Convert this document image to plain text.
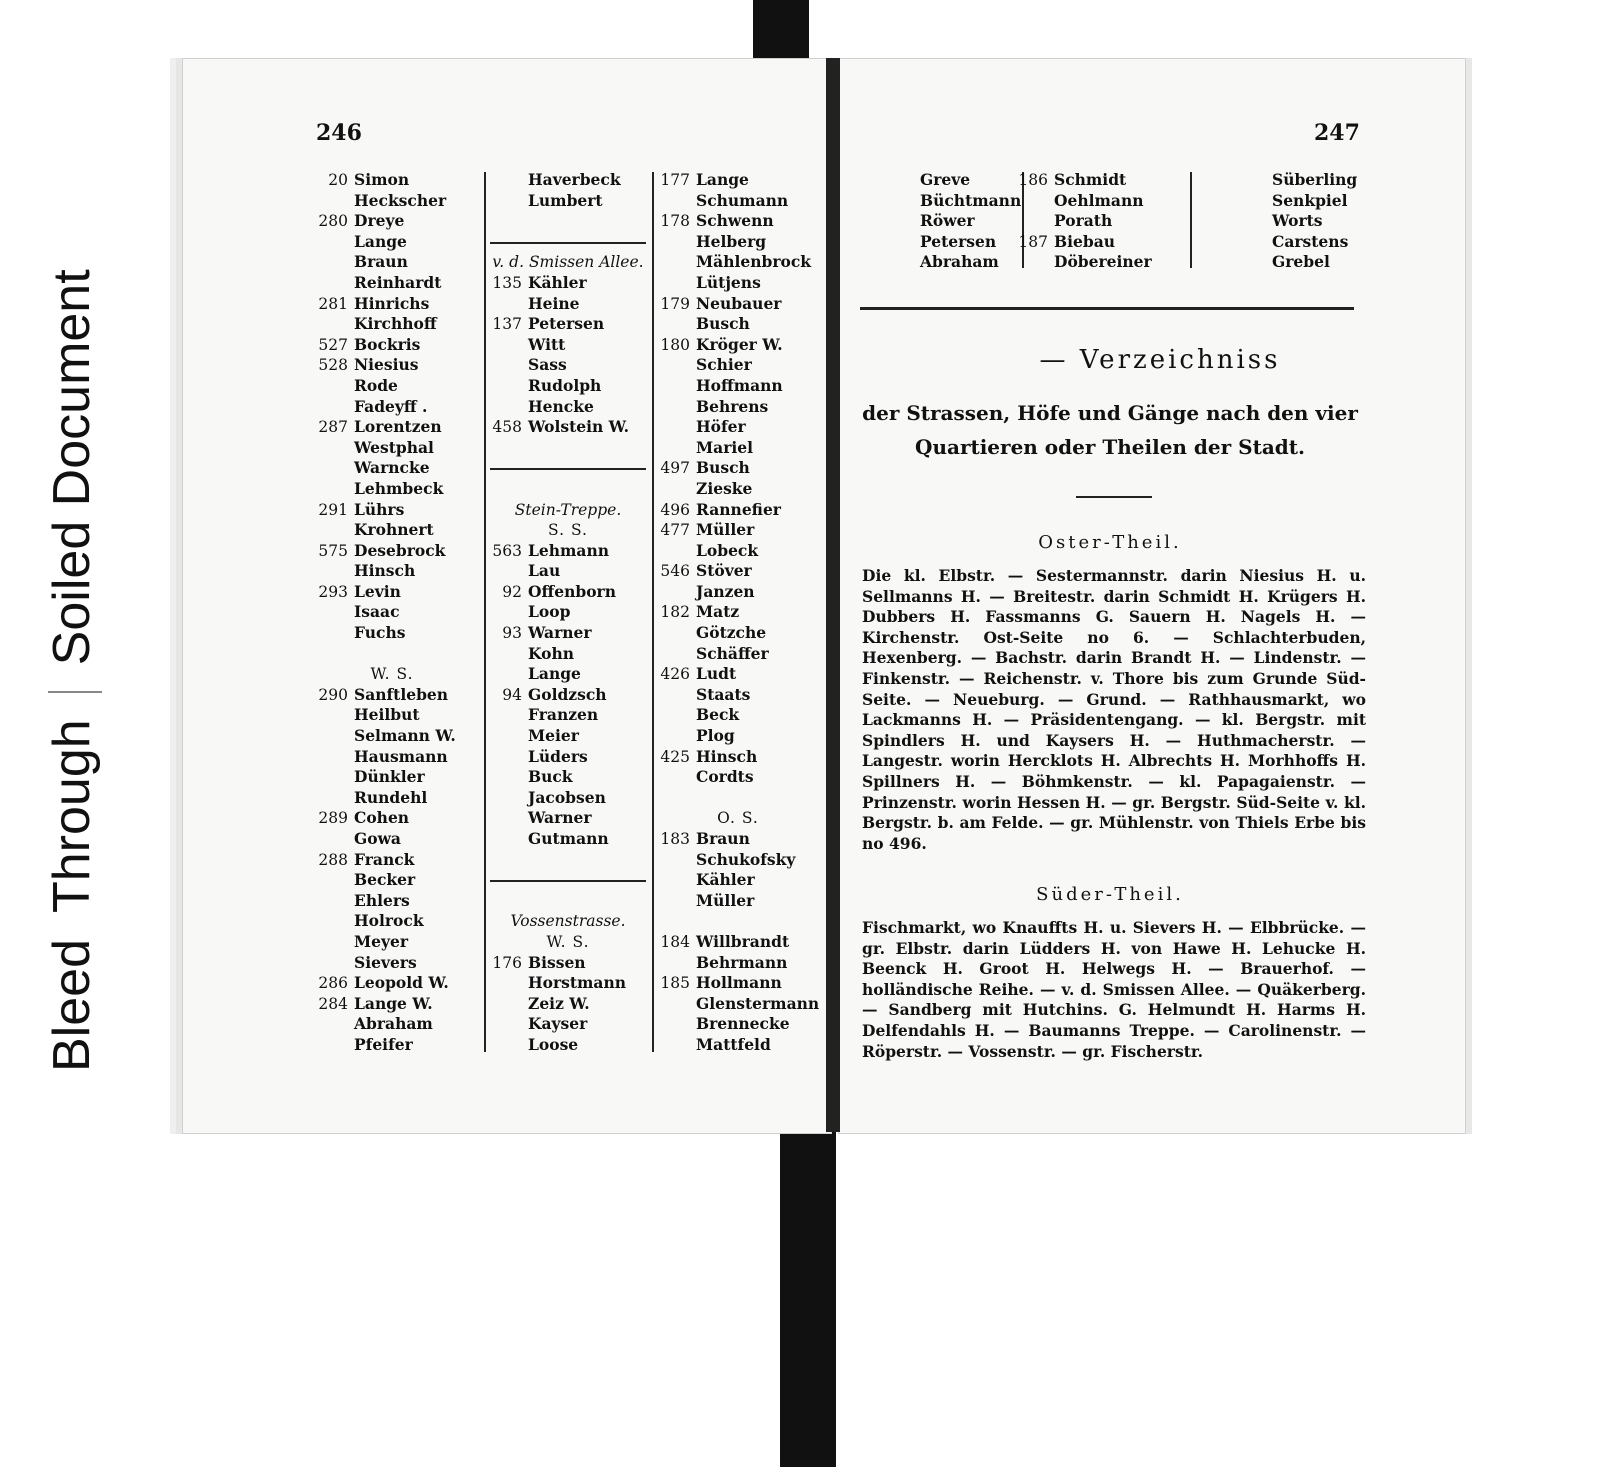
BleedThroughSoiled Document
246	247
20 Simon
Heckscher
280 Dreye
Lange
Braun
Reinhardt
281 Hinrichs
Kirchhoff
527 Bockris
528 Niesius
Rode
Fadeyff .
287 Lorentzen
Westphal
Warncke
Lehmbeck
291 Lührs
Krohnert
575 Desebrock
Hinsch
293 Levin
Isaac
Fuchs
W. S.
290 Sanftleben
Heilbut
Selmann W.
Hausmann
Dünkler
Rundehl
289 Cohen
Gowa
288 Franck
Becker
Ehlers
Holrock
Meyer
Sievers
286 Leopold W.
284 Lange W.
Abraham
Pfeifer
Haverbeck
Lumbert
v. d. Smissen Allee.
135 Kähler
Heine
137 Petersen
Witt
Sass
Rudolph
Hencke
458 Wolstein W.
Stein-Treppe.
S. S.
563 Lehmann
Lau
92 Offenborn
Loop
93 Warner
Kohn
Lange
94 Goldzsch
Franzen
Meier
Lüders
Buck
Jacobsen
Warner
Gutmann
Vossenstrasse.
W. S.
176 Bissen
Horstmann
Zeiz W.
Kayser
Loose
177 Lange
Schumann
178 Schwenn
Helberg
Mählenbrock
Lütjens
179 Neubauer
Busch
180 Kröger W.
Schier
Hoffmann
Behrens
Höfer
Mariel
497 Busch
Zieske
496 Rannefier
477 Müller
Lobeck
546 Stöver
Janzen
182 Matz
Götzche
Schäffer
426 Ludt
Staats
Beck
Plog
425 Hinsch
Cordts
O. S.
183 Braun
Schukofsky
Kähler
Müller
184 Willbrandt
Behrmann
185 Hollmann
Glenstermann
Brennecke
Mattfeld
Greve
Büchtmann
Röwer
Petersen
Abraham
186 Schmidt
Oehlmann
Porath
187 Biebau
Döbereiner
Süberling
Senkpiel
Worts
Carstens
Grebel
— Verzeichniss
der Strassen, Höfe und Gänge nach den vier
Quartieren oder Theilen der Stadt.
Oster-Theil.
Die kl. Elbstr. — Sestermannstr. darin Niesius H. u. Sellmanns H. — Breitestr. darin Schmidt H. Krügers H. Dubbers H. Fassmanns G. Sauern H. Nagels H. — Kirchenstr. Ost-Seite no 6. — Schlachterbuden, Hexenberg. — Bachstr. darin Brandt H. — Lindenstr. — Finkenstr. — Reichenstr. v. Thore bis zum Grunde Süd-Seite. — Neueburg. — Grund. — Rathhausmarkt, wo Lackmanns H. — Präsidentengang. — kl. Bergstr. mit Spindlers H. und Kaysers H. — Huthmacherstr. — Langestr. worin Hercklots H. Albrechts H. Morhhoffs H. Spillners H. — Böhmkenstr. — kl. Papagaienstr. — Prinzenstr. worin Hessen H. — gr. Bergstr. Süd-Seite v. kl. Bergstr. b. am Felde. — gr. Mühlenstr. von Thiels Erbe bis no 496.
Süder-Theil.
Fischmarkt, wo Knauffts H. u. Sievers H. — Elbbrücke. — gr. Elbstr. darin Lüdders H. von Hawe H. Lehucke H. Beenck H. Groot H. Helwegs H. — Brauerhof. — holländische Reihe. — v. d. Smissen Allee. — Quäkerberg. — Sandberg mit Hutchins. G. Helmundt H. Harms H. Delfendahls H. — Baumanns Treppe. — Carolinenstr. — Röperstr. — Vossenstr. — gr. Fischerstr.
